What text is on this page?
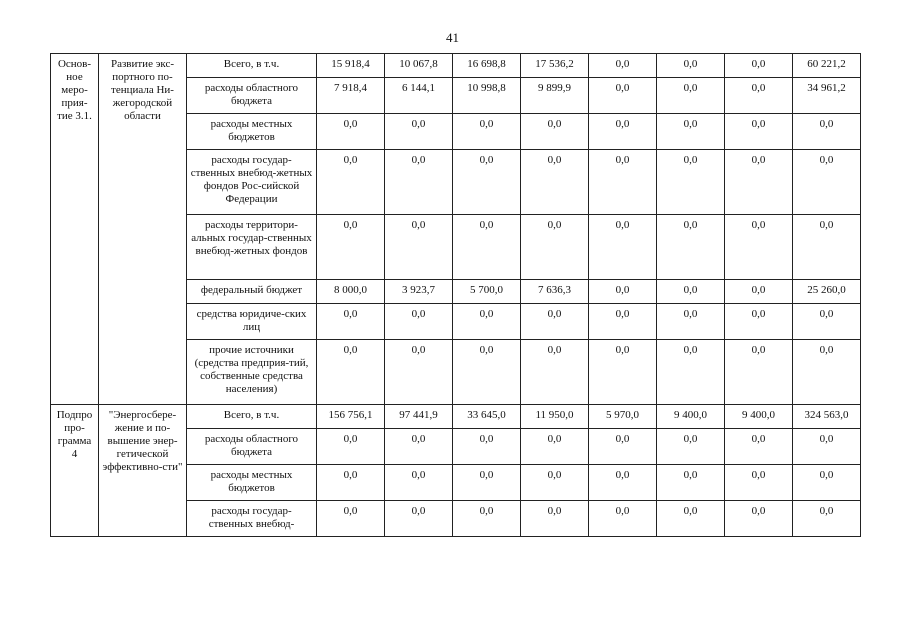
41
Основ-ное меро-прия-тие 3.1.	Развитие экс-портного по-тенциала Ни-жегородской области	Всего, в т.ч.	15 918,4	10 067,8	16 698,8	17 536,2	0,0	0,0	0,0	60 221,2
		расходы областного бюджета	7 918,4	6 144,1	10 998,8	9 899,9	0,0	0,0	0,0	34 961,2
		расходы местных бюджетов	0,0	0,0	0,0	0,0	0,0	0,0	0,0	0,0
		расходы государ-ственных внебюд-жетных фондов Рос-сийской Федерации	0,0	0,0	0,0	0,0	0,0	0,0	0,0	0,0
		расходы территори-альных государ-ственных внебюд-жетных фондов	0,0	0,0	0,0	0,0	0,0	0,0	0,0	0,0
		федеральный бюджет	8 000,0	3 923,7	5 700,0	7 636,3	0,0	0,0	0,0	25 260,0
		средства юридиче-ских лиц	0,0	0,0	0,0	0,0	0,0	0,0	0,0	0,0
		прочие источники (средства предприя-тий, собственные средства населения)	0,0	0,0	0,0	0,0	0,0	0,0	0,0	0,0
Подпро про-грамма 4	"Энергосбере-жение и по-вышение энер-гетической эффективно-сти"	Всего, в т.ч.	156 756,1	97 441,9	33 645,0	11 950,0	5 970,0	9 400,0	9 400,0	324 563,0
		расходы областного бюджета	0,0	0,0	0,0	0,0	0,0	0,0	0,0	0,0
		расходы местных бюджетов	0,0	0,0	0,0	0,0	0,0	0,0	0,0	0,0
		расходы государ-ственных внебюд-	0,0	0,0	0,0	0,0	0,0	0,0	0,0	0,0
